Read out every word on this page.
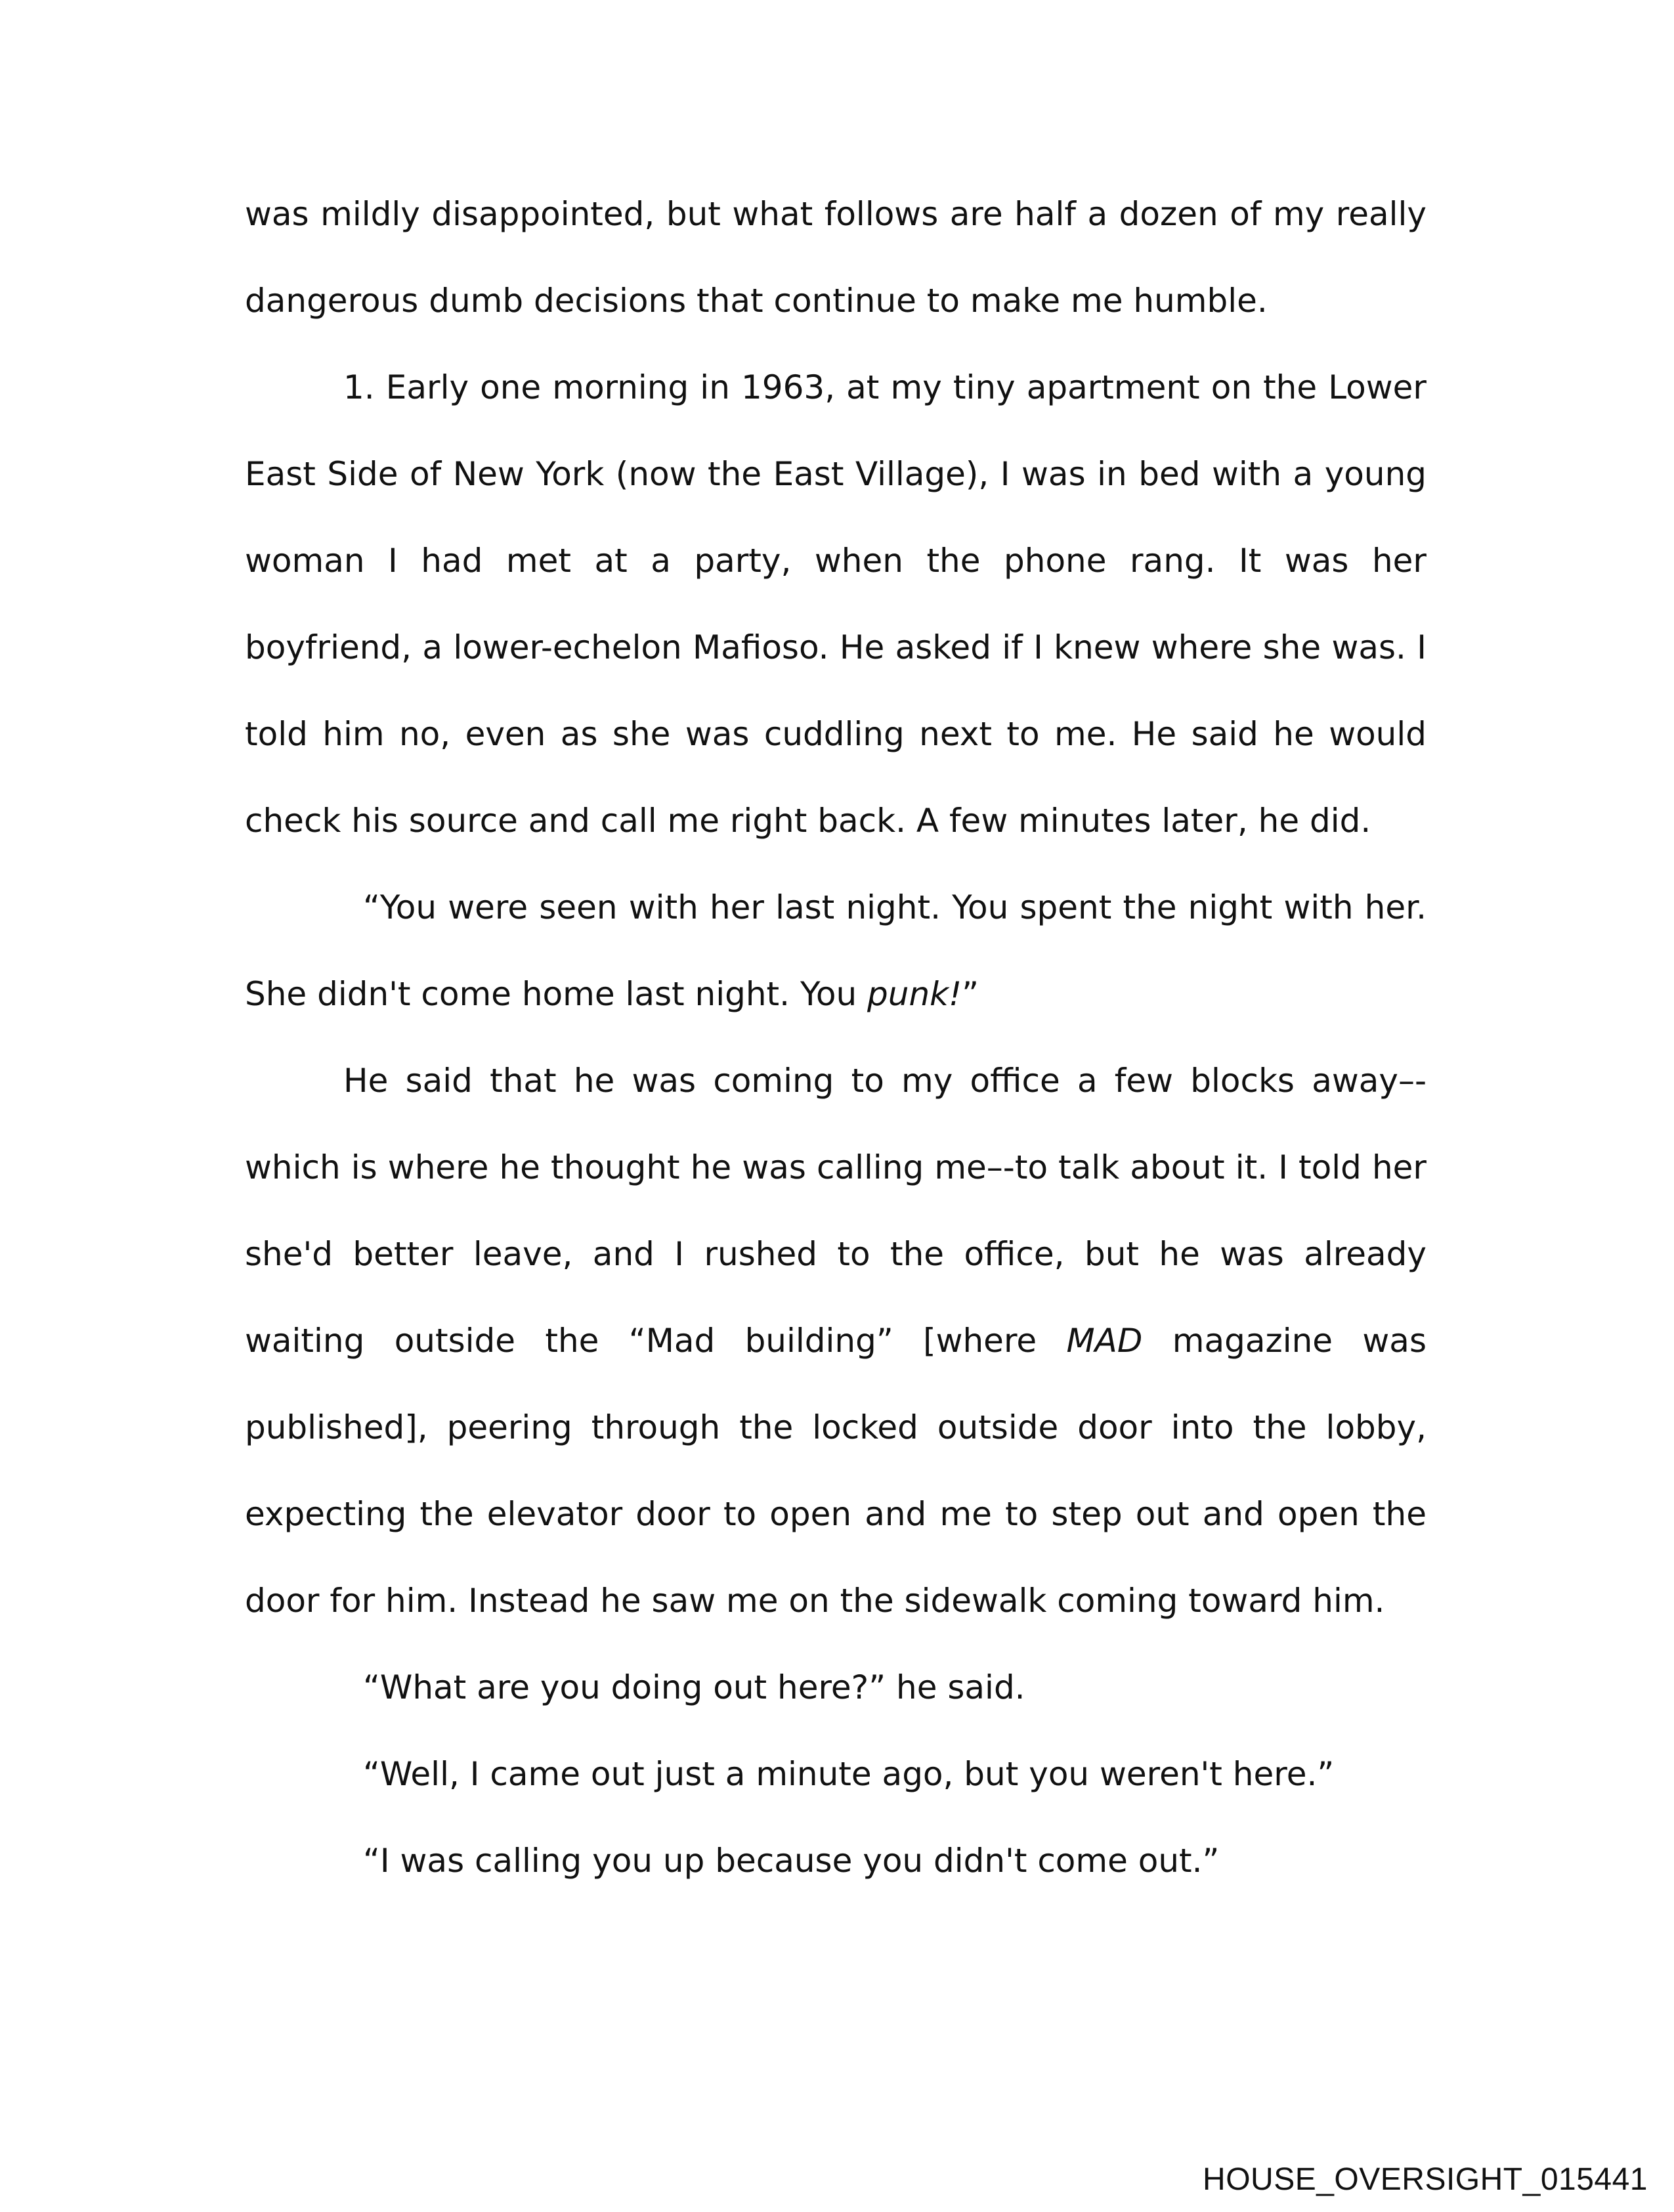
was mildly disappointed, but what follows are half a dozen of my really dangerous dumb decisions that continue to make me humble.

1. Early one morning in 1963, at my tiny apartment on the Lower East Side of New York (now the East Village), I was in bed with a young woman I had met at a party, when the phone rang. It was her boyfriend, a lower-echelon Mafioso. He asked if I knew where she was. I told him no, even as she was cuddling next to me. He said he would check his source and call me right back. A few minutes later, he did.

“You were seen with her last night. You spent the night with her. She didn't come home last night. You punk!”

He said that he was coming to my office a few blocks away–-which is where he thought he was calling me–-to talk about it. I told her she'd better leave, and I rushed to the office, but he was already waiting outside the “Mad building” [where MAD magazine was published], peering through the locked outside door into the lobby, expecting the elevator door to open and me to step out and open the door for him. Instead he saw me on the sidewalk coming toward him.

“What are you doing out here?” he said.

“Well, I came out just a minute ago, but you weren't here.”

“I was calling you up because you didn't come out.”

HOUSE_OVERSIGHT_015441
